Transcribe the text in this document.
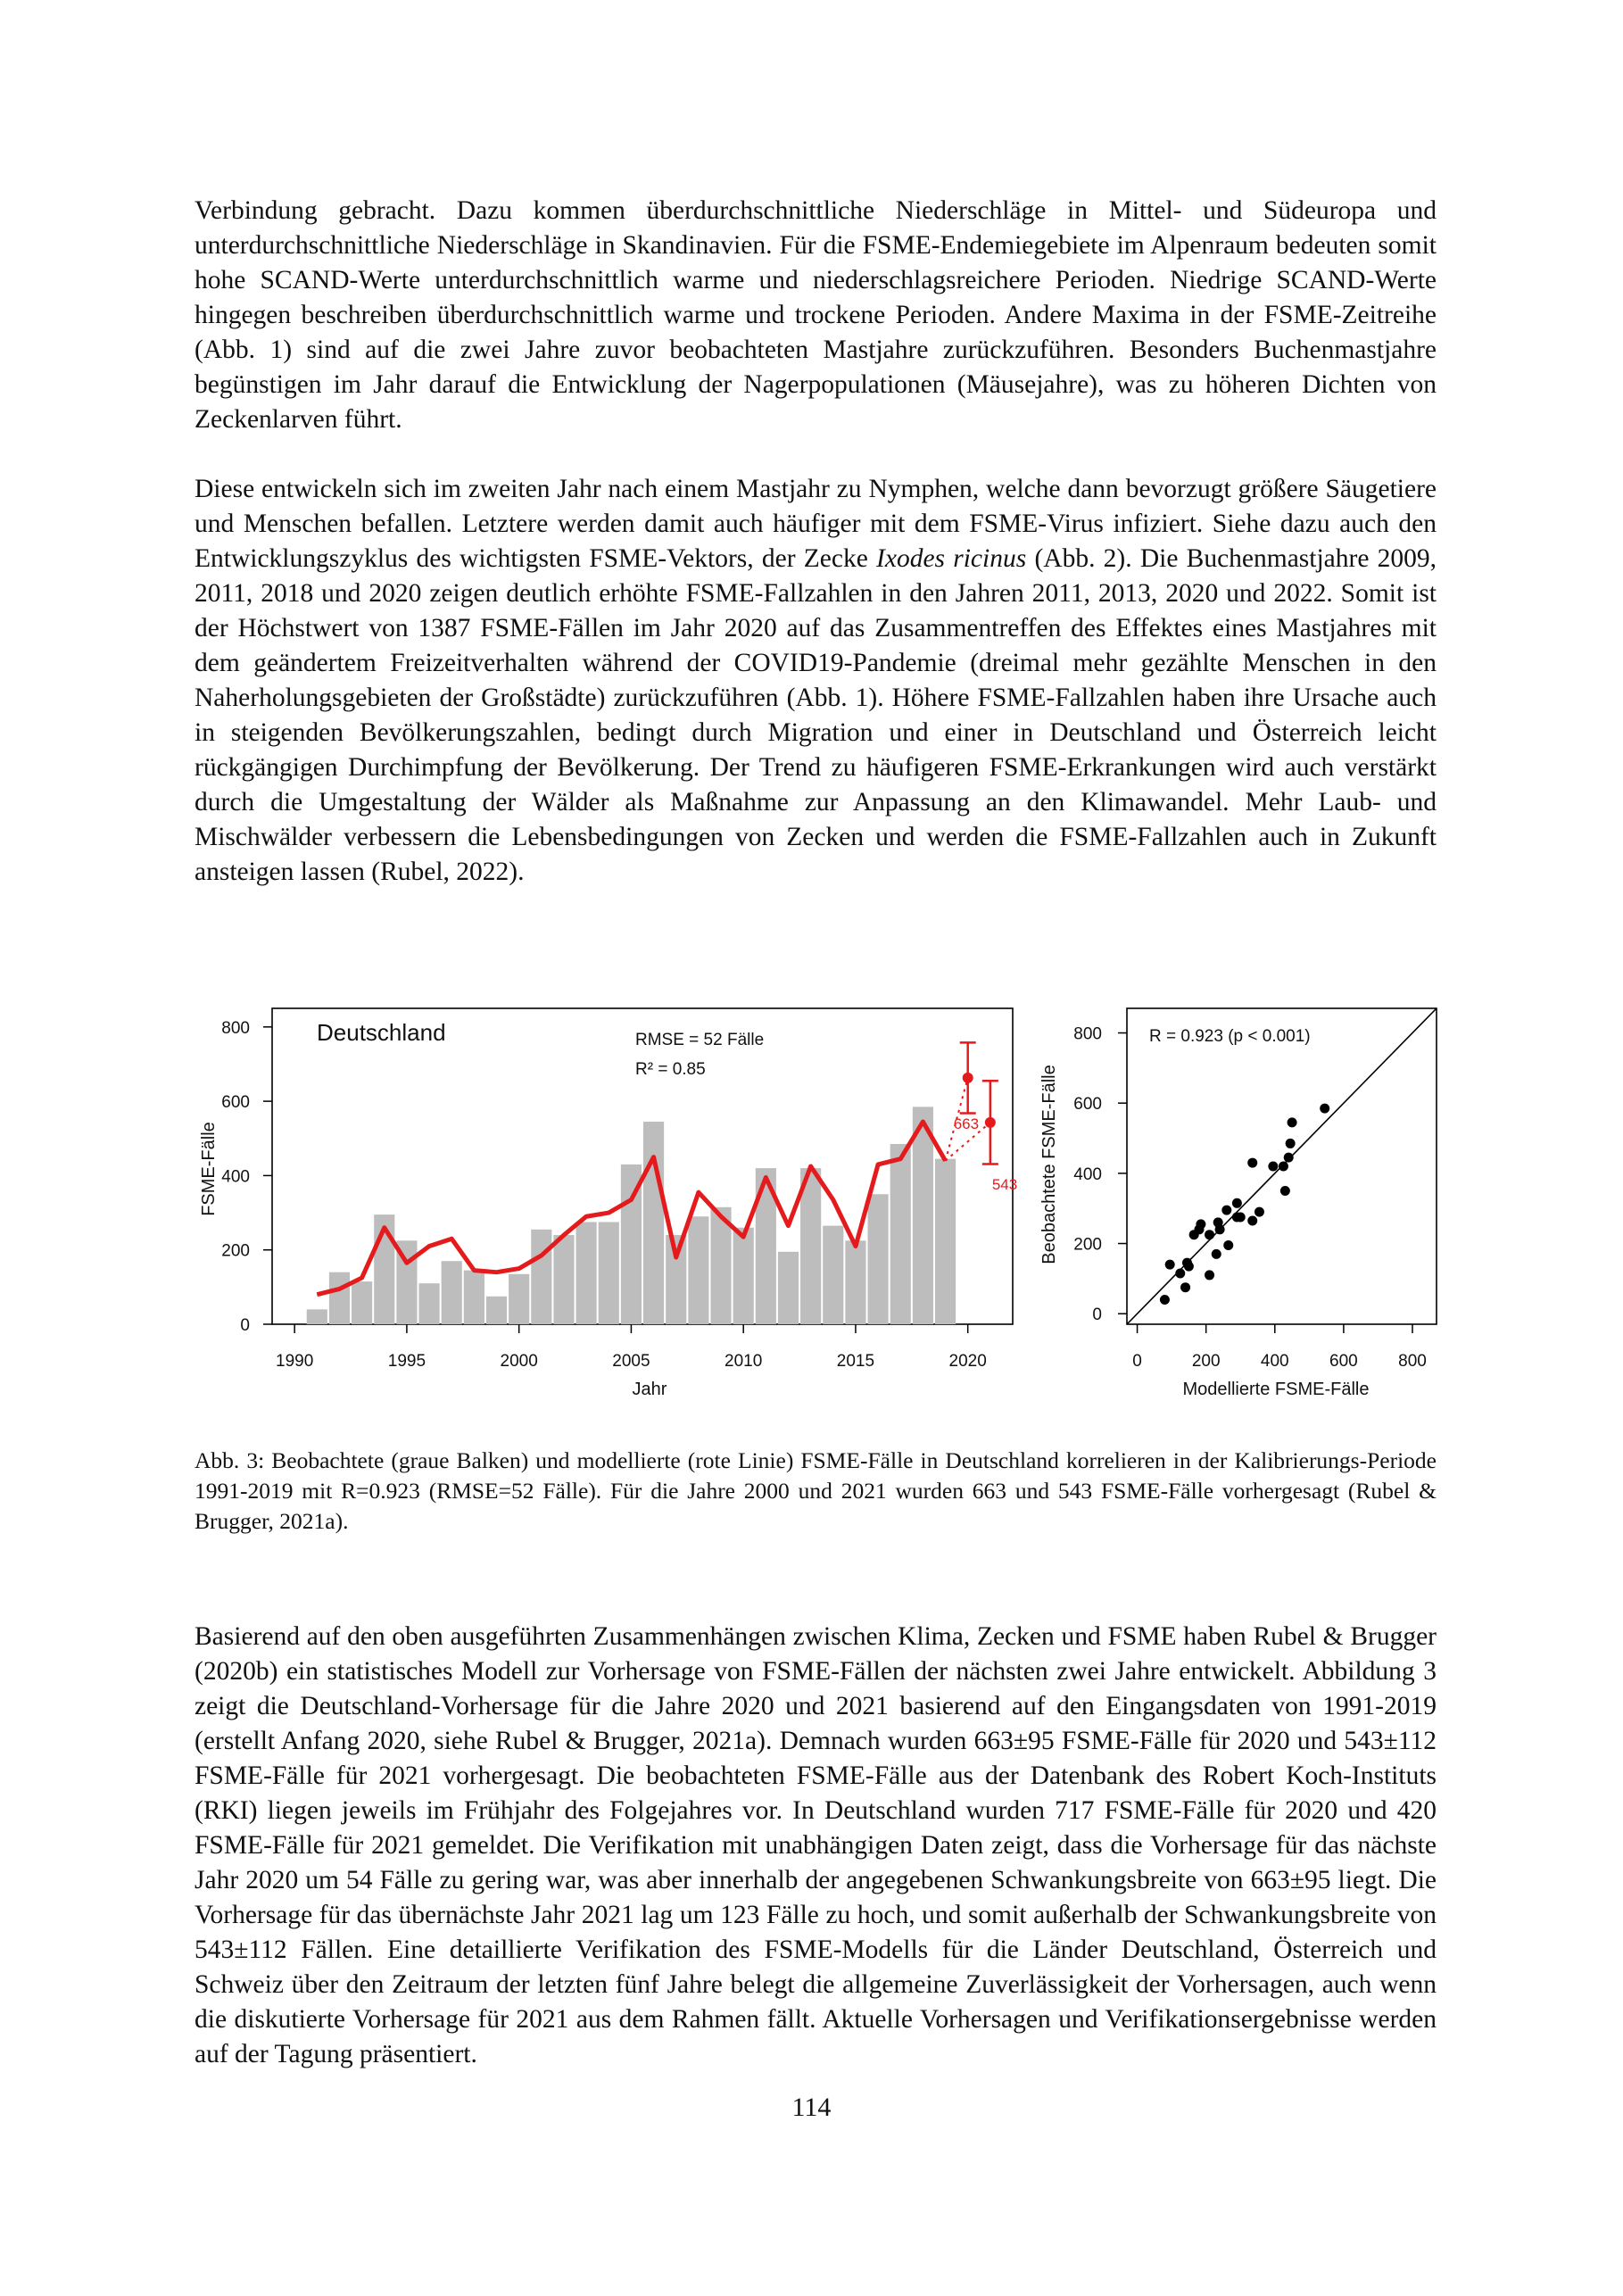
Verbindung gebracht. Dazu kommen überdurchschnittliche Niederschläge in Mittel- und Südeuropa und unterdurchschnittliche Niederschläge in Skandinavien. Für die FSME-Endemiegebiete im Alpenraum bedeuten somit hohe SCAND-Werte unterdurchschnittlich warme und niederschlagsreichere Perioden. Niedrige SCAND-Werte hingegen beschreiben überdurchschnittlich warme und trockene Perioden. Andere Maxima in der FSME-Zeitreihe (Abb. 1) sind auf die zwei Jahre zuvor beobachteten Mastjahre zurückzuführen. Besonders Buchenmastjahre begünstigen im Jahr darauf die Entwicklung der Nagerpopulationen (Mäusejahre), was zu höheren Dichten von Zeckenlarven führt.

Diese entwickeln sich im zweiten Jahr nach einem Mastjahr zu Nymphen, welche dann bevorzugt größere Säugetiere und Menschen befallen. Letztere werden damit auch häufiger mit dem FSME-Virus infiziert. Siehe dazu auch den Entwicklungszyklus des wichtigsten FSME-Vektors, der Zecke Ixodes ricinus (Abb. 2). Die Buchenmastjahre 2009, 2011, 2018 und 2020 zeigen deutlich erhöhte FSME-Fallzahlen in den Jahren 2011, 2013, 2020 und 2022. Somit ist der Höchstwert von 1387 FSME-Fällen im Jahr 2020 auf das Zusammentreffen des Effektes eines Mastjahres mit dem geändertem Freizeitverhalten während der COVID19-Pandemie (dreimal mehr gezählte Menschen in den Naherholungsgebieten der Großstädte) zurückzuführen (Abb. 1). Höhere FSME-Fallzahlen haben ihre Ursache auch in steigenden Bevölkerungszahlen, bedingt durch Migration und einer in Deutschland und Österreich leicht rückgängigen Durchimpfung der Bevölkerung. Der Trend zu häufigeren FSME-Erkrankungen wird auch verstärkt durch die Umgestaltung der Wälder als Maßnahme zur Anpassung an den Klimawandel. Mehr Laub- und Mischwälder verbessern die Lebensbedingungen von Zecken und werden die FSME-Fallzahlen auch in Zukunft ansteigen lassen (Rubel, 2022).

663
543
0
200
400
600
800
1990	1995	2000	2005	2010	2015	2020
Deutschland	RMSE = 52 Fälle
R² = 0.85
Jahr
FSME-Fälle
0
200
400
600
800
0	200 400 600 800
R = 0.923 (p < 0.001)
Modellierte FSME-Fälle
Beobachtete FSME-Fälle

Abb. 3: Beobachtete (graue Balken) und modellierte (rote Linie) FSME-Fälle in Deutschland korrelieren in der Kalibrierungs-Periode 1991-2019 mit R=0.923 (RMSE=52 Fälle). Für die Jahre 2000 und 2021 wurden 663 und 543 FSME-Fälle vorhergesagt (Rubel & Brugger, 2021a).

Basierend auf den oben ausgeführten Zusammenhängen zwischen Klima, Zecken und FSME haben Rubel & Brugger (2020b) ein statistisches Modell zur Vorhersage von FSME-Fällen der nächsten zwei Jahre entwickelt. Abbildung 3 zeigt die Deutschland-Vorhersage für die Jahre 2020 und 2021 basierend auf den Eingangsdaten von 1991-2019 (erstellt Anfang 2020, siehe Rubel & Brugger, 2021a). Demnach wurden 663±95 FSME-Fälle für 2020 und 543±112 FSME-Fälle für 2021 vorhergesagt. Die beobachteten FSME-Fälle aus der Datenbank des Robert Koch-Instituts (RKI) liegen jeweils im Frühjahr des Folgejahres vor. In Deutschland wurden 717 FSME-Fälle für 2020 und 420 FSME-Fälle für 2021 gemeldet. Die Verifikation mit unabhängigen Daten zeigt, dass die Vorhersage für das nächste Jahr 2020 um 54 Fälle zu gering war, was aber innerhalb der angegebenen Schwankungsbreite von 663±95 liegt. Die Vorhersage für das übernächste Jahr 2021 lag um 123 Fälle zu hoch, und somit außerhalb der Schwankungsbreite von 543±112 Fällen. Eine detaillierte Verifikation des FSME-Modells für die Länder Deutschland, Österreich und Schweiz über den Zeitraum der letzten fünf Jahre belegt die allgemeine Zuverlässigkeit der Vorhersagen, auch wenn die diskutierte Vorhersage für 2021 aus dem Rahmen fällt. Aktuelle Vorhersagen und Verifikationsergebnisse werden auf der Tagung präsentiert.

114
